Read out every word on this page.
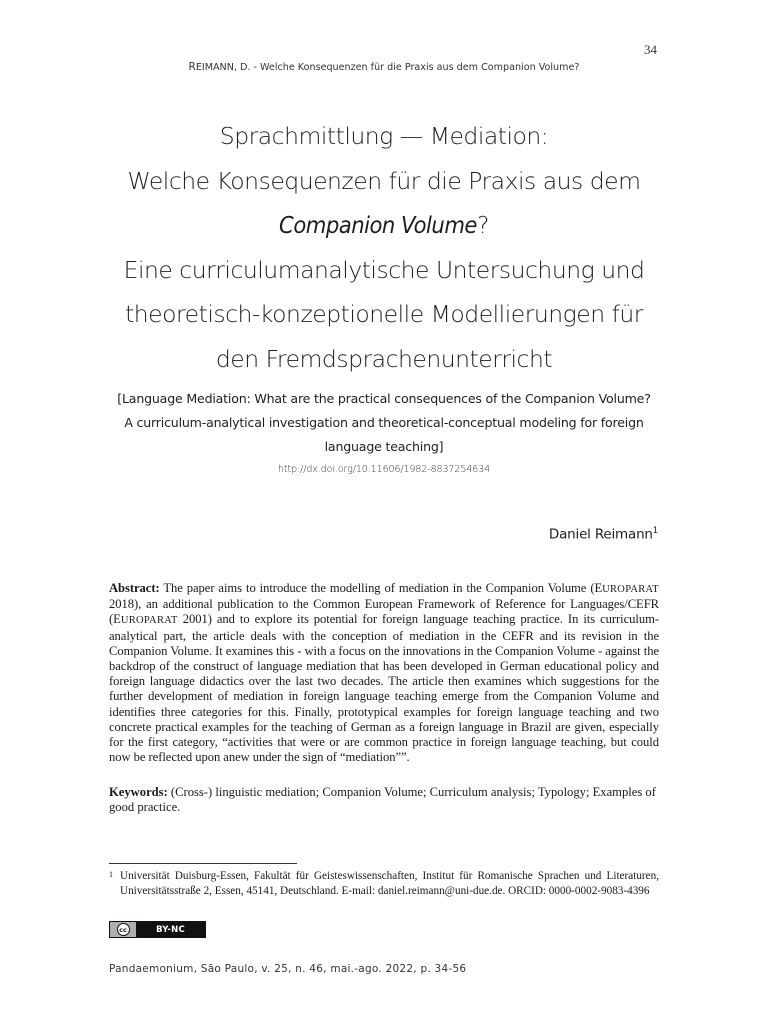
34
REIMANN, D. - Welche Konsequenzen für die Praxis aus dem Companion Volume?
Sprachmittlung — Mediation:
Welche Konsequenzen für die Praxis aus dem
Companion Volume?
Eine curriculumanalytische Untersuchung und
theoretisch-konzeptionelle Modellierungen für
den Fremdsprachenunterricht
[Language Mediation: What are the practical consequences of the Companion Volume? A curriculum-analytical investigation and theoretical-conceptual modeling for foreign language teaching]
http://dx.doi.org/10.11606/1982-8837254634
Daniel Reimann$^1$
Abstract: The paper aims to introduce the modelling of mediation in the Companion Volume (EUROPARAT 2018), an additional publication to the Common European Framework of Reference for Languages/CEFR (EUROPARAT 2001) and to explore its potential for foreign language teaching practice. In its curriculum-analytical part, the article deals with the conception of mediation in the CEFR and its revision in the Companion Volume. It examines this - with a focus on the innovations in the Companion Volume - against the backdrop of the construct of language mediation that has been developed in German educational policy and foreign language didactics over the last two decades. The article then examines which suggestions for the further development of mediation in foreign language teaching emerge from the Companion Volume and identifies three categories for this. Finally, prototypical examples for foreign language teaching and two concrete practical examples for the teaching of German as a foreign language in Brazil are given, especially for the first category, “activities that were or are common practice in foreign language teaching, but could now be reflected upon anew under the sign of “mediation””.
Keywords: (Cross-) linguistic mediation; Companion Volume; Curriculum analysis; Typology; Examples of good practice.
1 Universität Duisburg-Essen, Fakultät für Geisteswissenschaften, Institut für Romanische Sprachen und Literaturen, Universitätsstraße 2, Essen, 45141, Deutschland. E-mail: daniel.reimann@uni-due.de. ORCID: 0000-0002-9083-4396
cc	BY-NC
Pandaemonium, São Paulo, v. 25, n. 46, mai.-ago. 2022, p. 34-56
